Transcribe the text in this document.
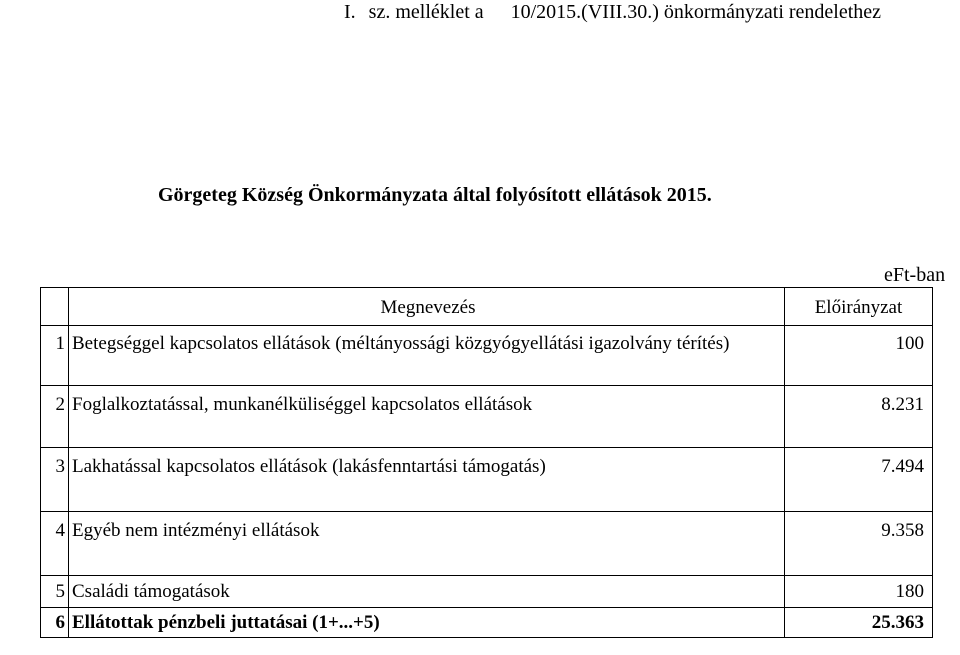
I. sz. melléklet a 10/2015.(VIII.30.) önkormányzati rendelethez
Görgeteg Község Önkormányzata által folyósított ellátások 2015.
eFt-ban
Megnevezés	Előirányzat
1 Betegséggel kapcsolatos ellátások (méltányossági közgyógyellátási igazolvány térítés)	100
2 Foglalkoztatással, munkanélküliséggel kapcsolatos ellátások	8.231
3 Lakhatással kapcsolatos ellátások (lakásfenntartási támogatás)	7.494
4 Egyéb nem intézményi ellátások	9.358
5 Családi támogatások	180
6 Ellátottak pénzbeli juttatásai (1+...+5)	25.363
